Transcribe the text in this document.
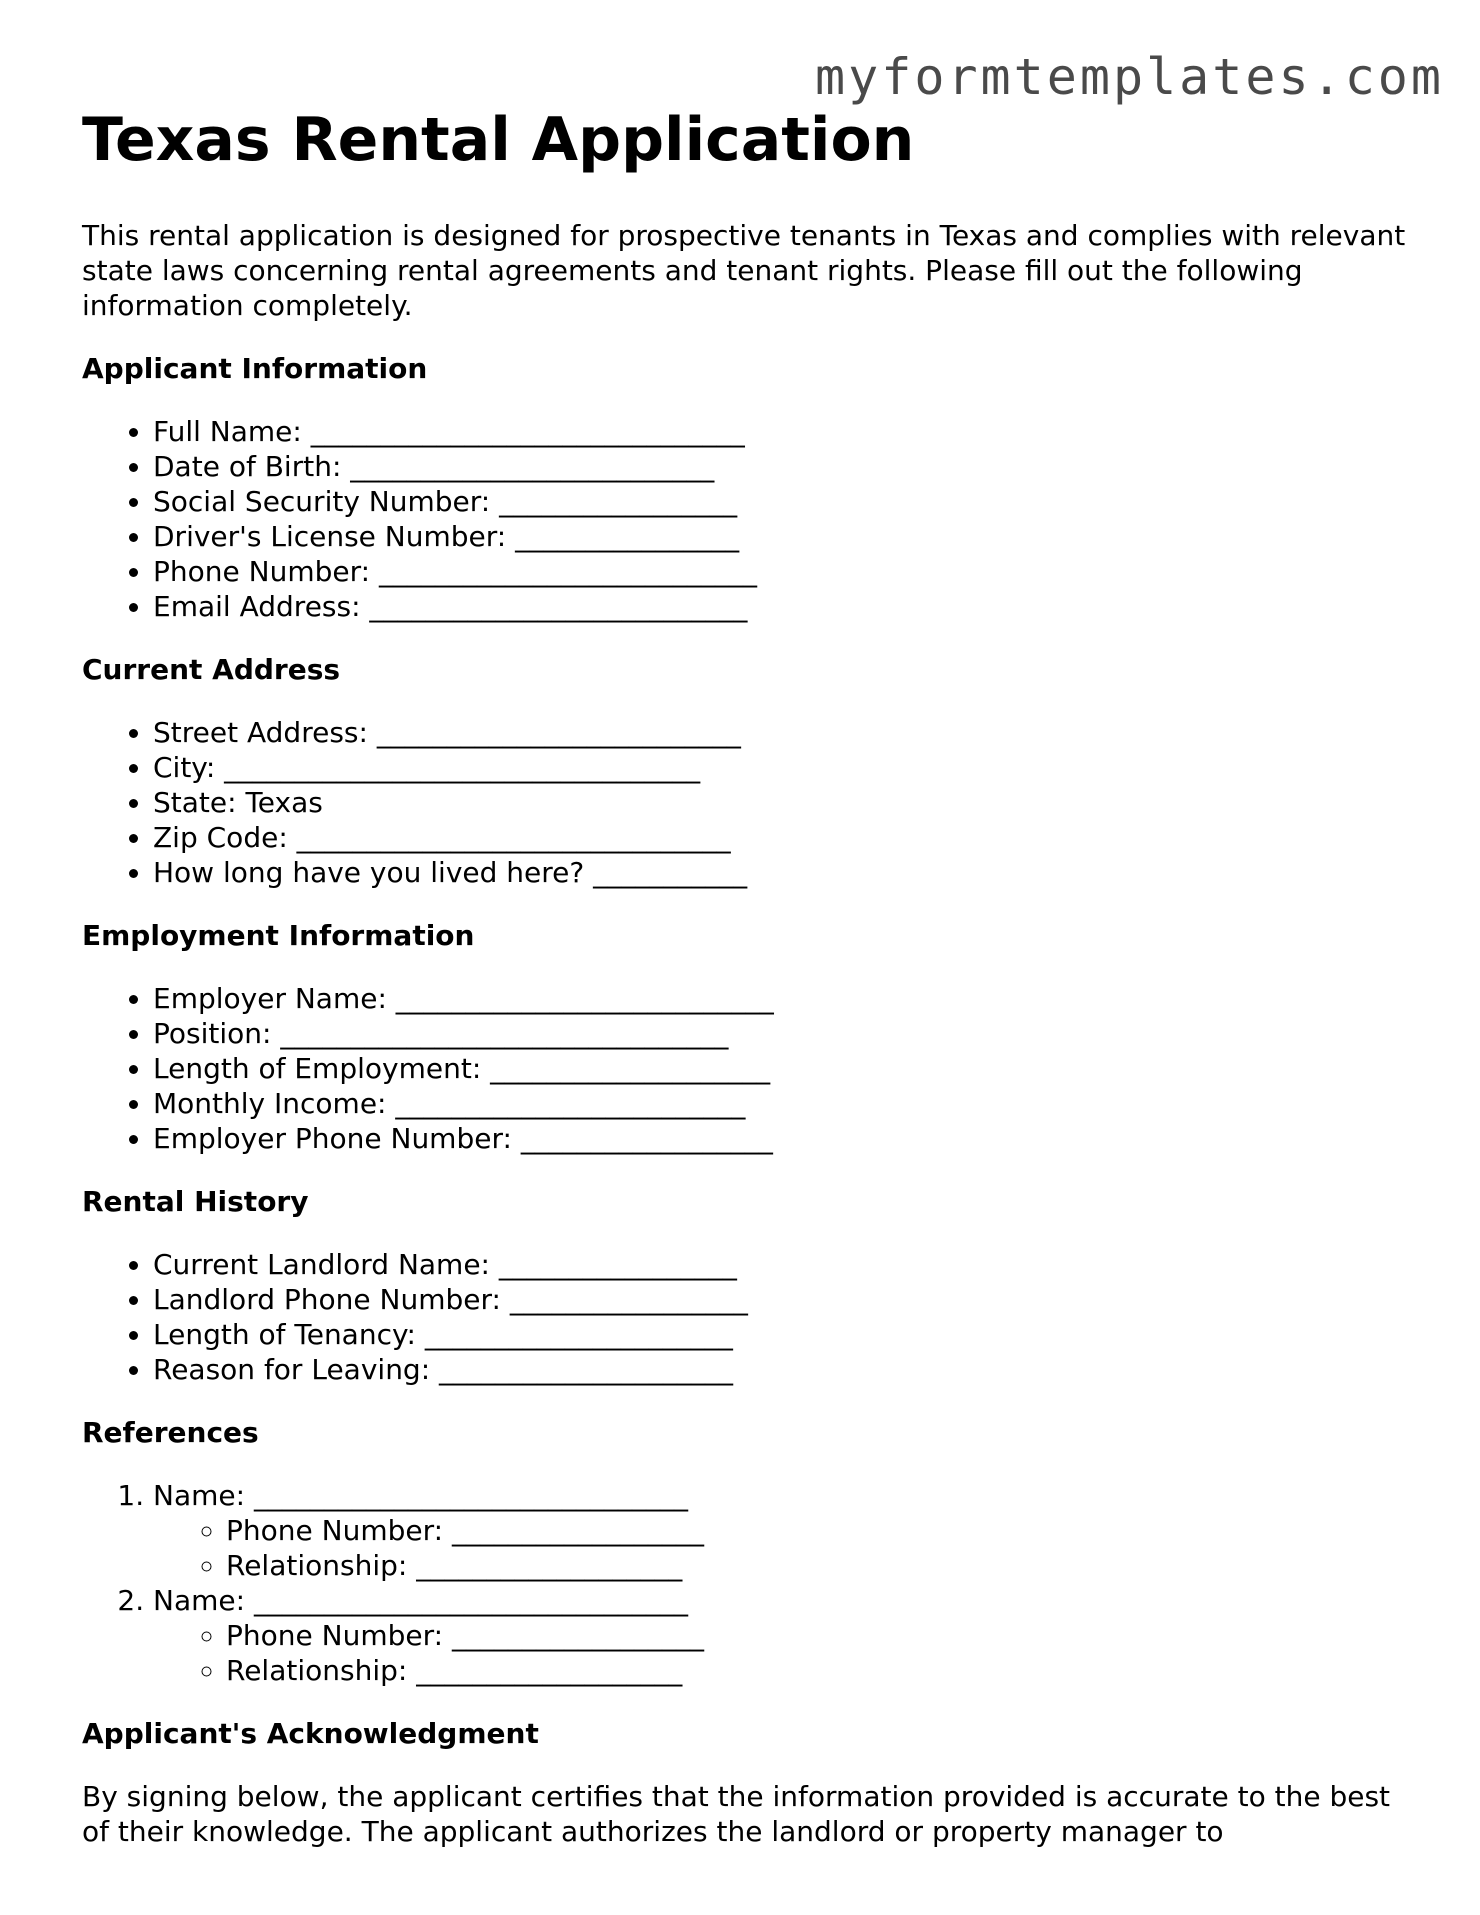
myformtemplates.com
Texas Rental Application

This rental application is designed for prospective tenants in Texas and complies with relevant state laws concerning rental agreements and tenant rights. Please fill out the following information completely.

Applicant Information
• Full Name: _______________________________
• Date of Birth: __________________________
• Social Security Number: _________________
• Driver's License Number: ________________
• Phone Number: ___________________________
• Email Address: ___________________________
Current Address
• Street Address: __________________________
• City: __________________________________
• State: Texas
• Zip Code: _______________________________
• How long have you lived here? ___________
Employment Information
• Employer Name: ___________________________
• Position: ________________________________
• Length of Employment: ____________________
• Monthly Income: _________________________
• Employer Phone Number: __________________
Rental History
• Current Landlord Name: _________________
• Landlord Phone Number: _________________
• Length of Tenancy: ______________________
• Reason for Leaving: _____________________
References
1. Name: _______________________________
◦ Phone Number: __________________
◦ Relationship: ___________________
2. Name: _______________________________
◦ Phone Number: __________________
◦ Relationship: ___________________
Applicant's Acknowledgment

By signing below, the applicant certifies that the information provided is accurate to the best of their knowledge. The applicant authorizes the landlord or property manager to
